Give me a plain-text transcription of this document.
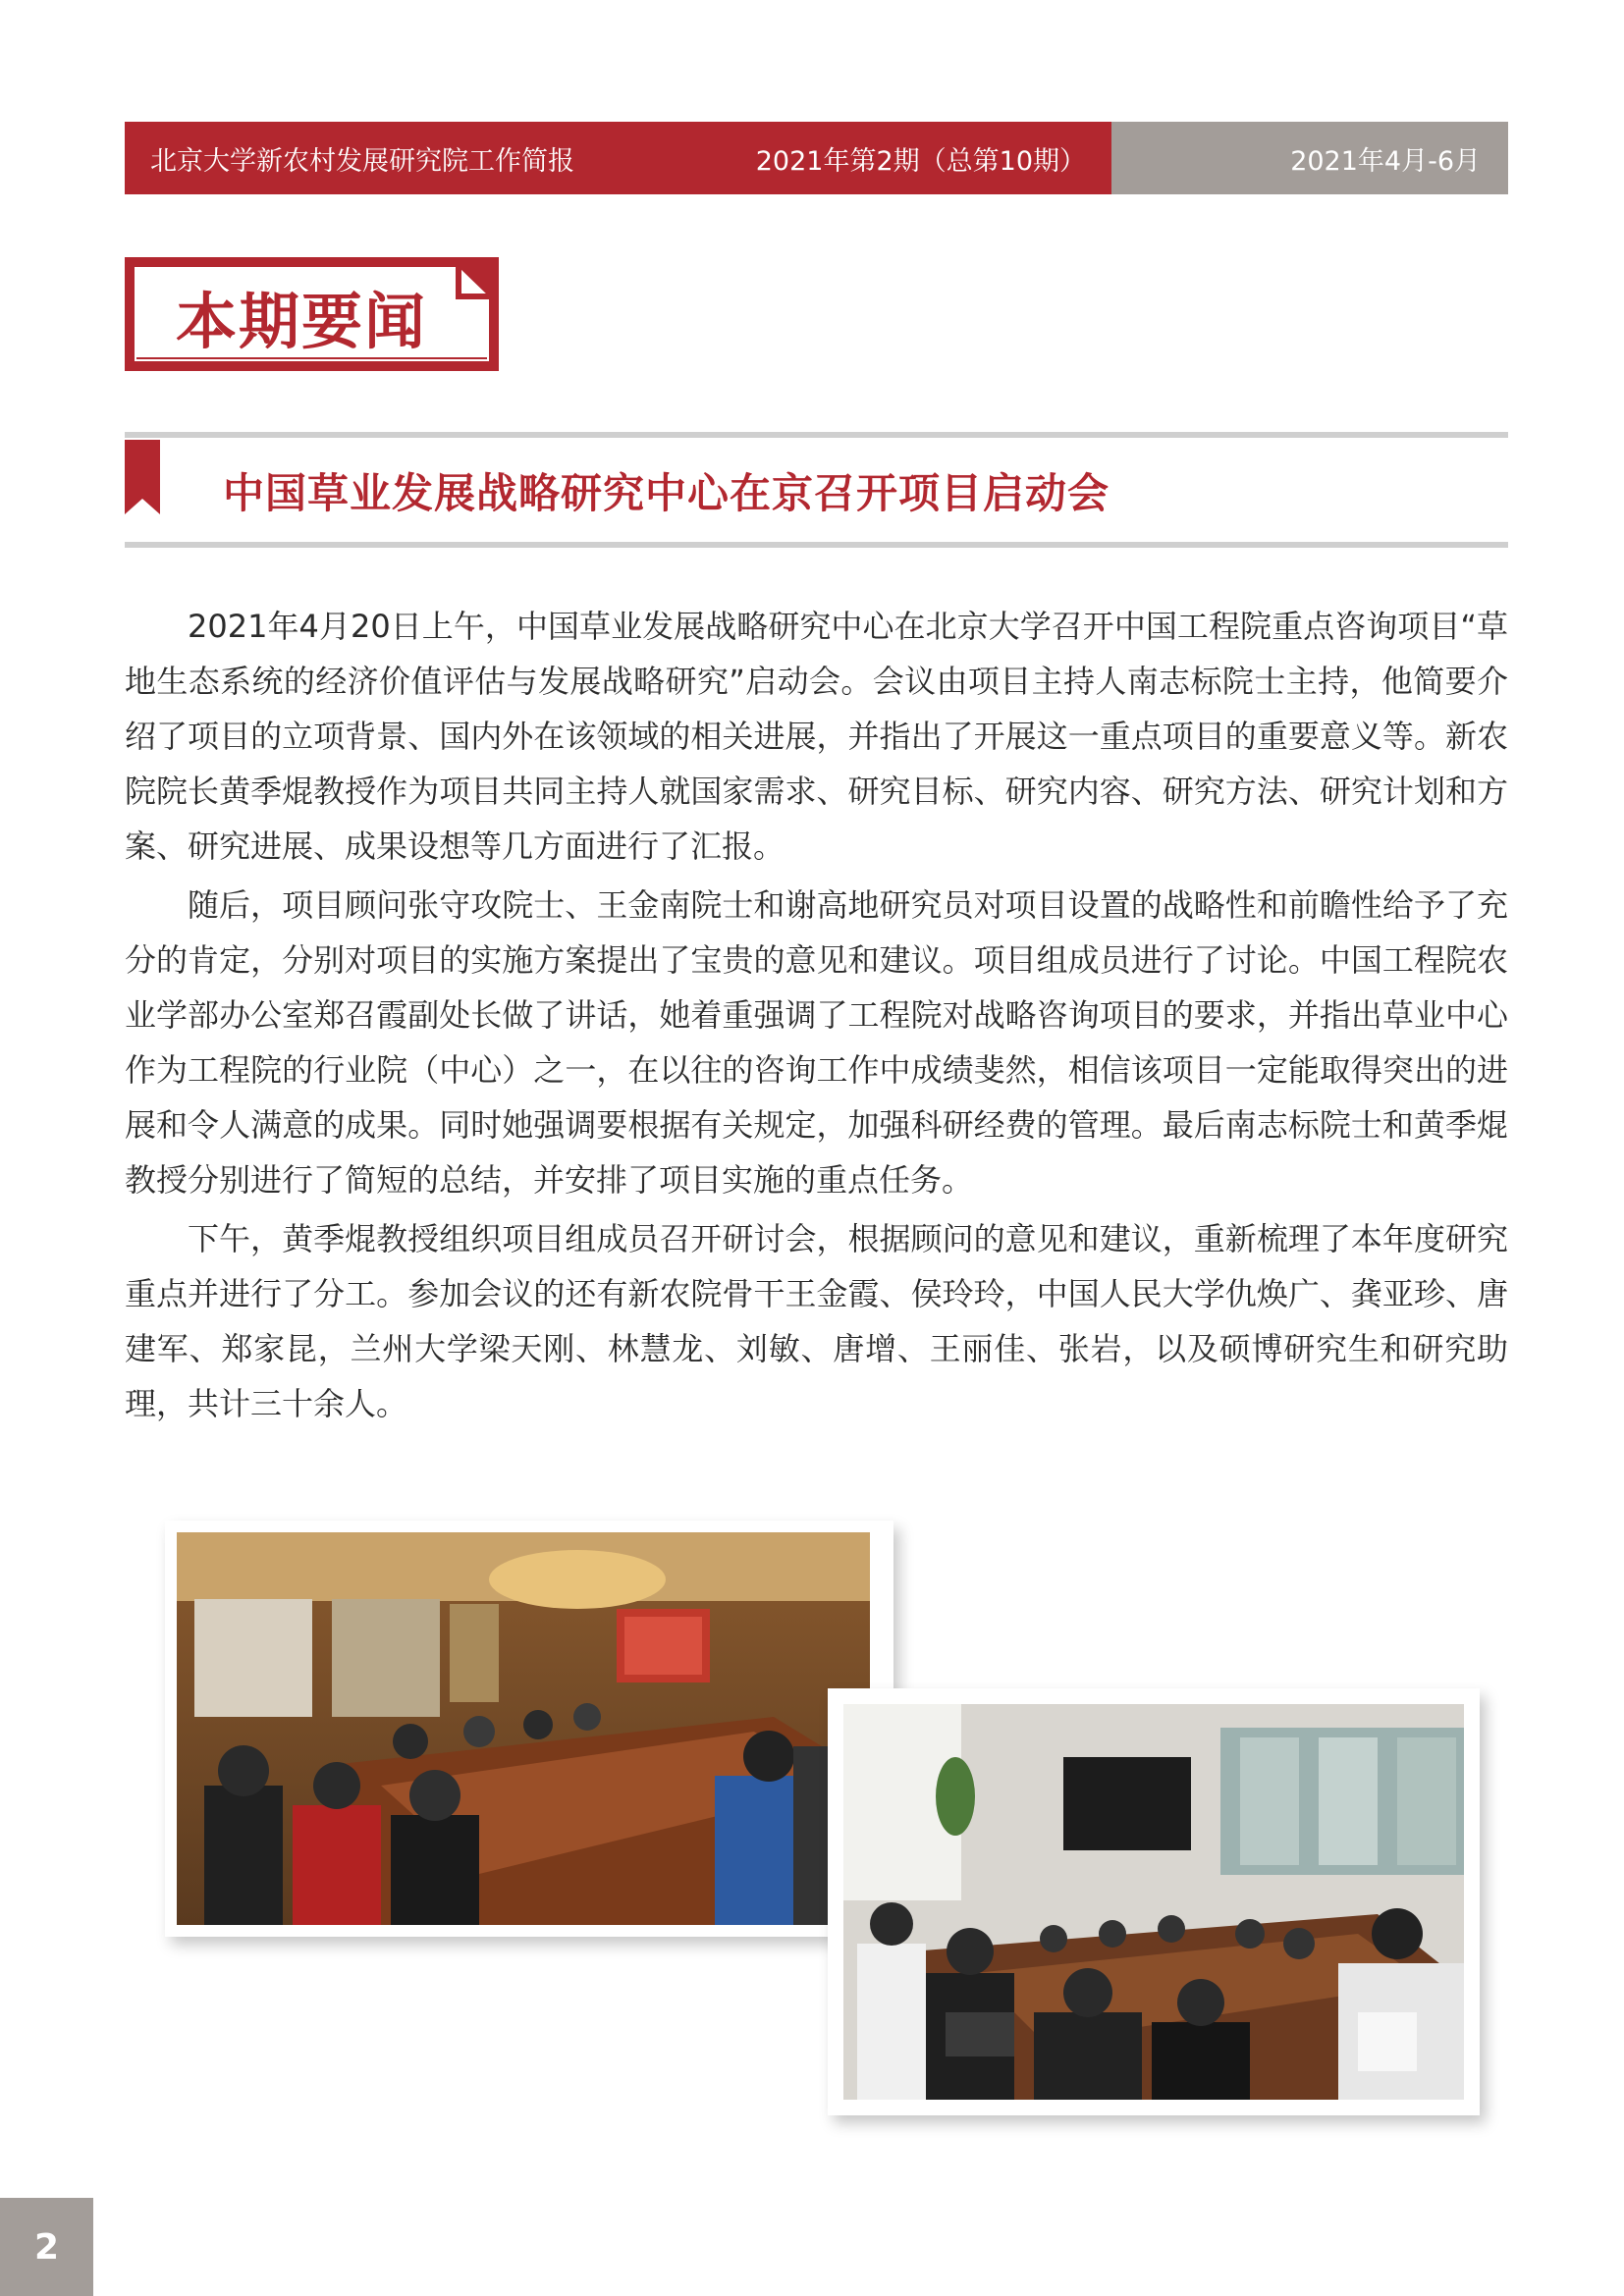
北京大学新农村发展研究院工作简报	2021年第2期（总第10期）	2021年4月-6月
本期要闻
中国草业发展战略研究中心在京召开项目启动会

2021年4月20日上午，中国草业发展战略研究中心在北京大学召开中国工程院重点咨询项目“草地生态系统的经济价值评估与发展战略研究”启动会。会议由项目主持人南志标院士主持，他简要介绍了项目的立项背景、国内外在该领域的相关进展，并指出了开展这一重点项目的重要意义等。新农院院长黄季焜教授作为项目共同主持人就国家需求、研究目标、研究内容、研究方法、研究计划和方案、研究进展、成果设想等几方面进行了汇报。

随后，项目顾问张守攻院士、王金南院士和谢高地研究员对项目设置的战略性和前瞻性给予了充分的肯定，分别对项目的实施方案提出了宝贵的意见和建议。项目组成员进行了讨论。中国工程院农业学部办公室郑召霞副处长做了讲话，她着重强调了工程院对战略咨询项目的要求，并指出草业中心作为工程院的行业院（中心）之一，在以往的咨询工作中成绩斐然，相信该项目一定能取得突出的进展和令人满意的成果。同时她强调要根据有关规定，加强科研经费的管理。最后南志标院士和黄季焜教授分别进行了简短的总结，并安排了项目实施的重点任务。

下午，黄季焜教授组织项目组成员召开研讨会，根据顾问的意见和建议，重新梳理了本年度研究重点并进行了分工。参加会议的还有新农院骨干王金霞、侯玲玲，中国人民大学仇焕广、龚亚珍、唐建军、郑家昆，兰州大学梁天刚、林慧龙、刘敏、唐增、王丽佳、张岩，以及硕博研究生和研究助理，共计三十余人。

2
